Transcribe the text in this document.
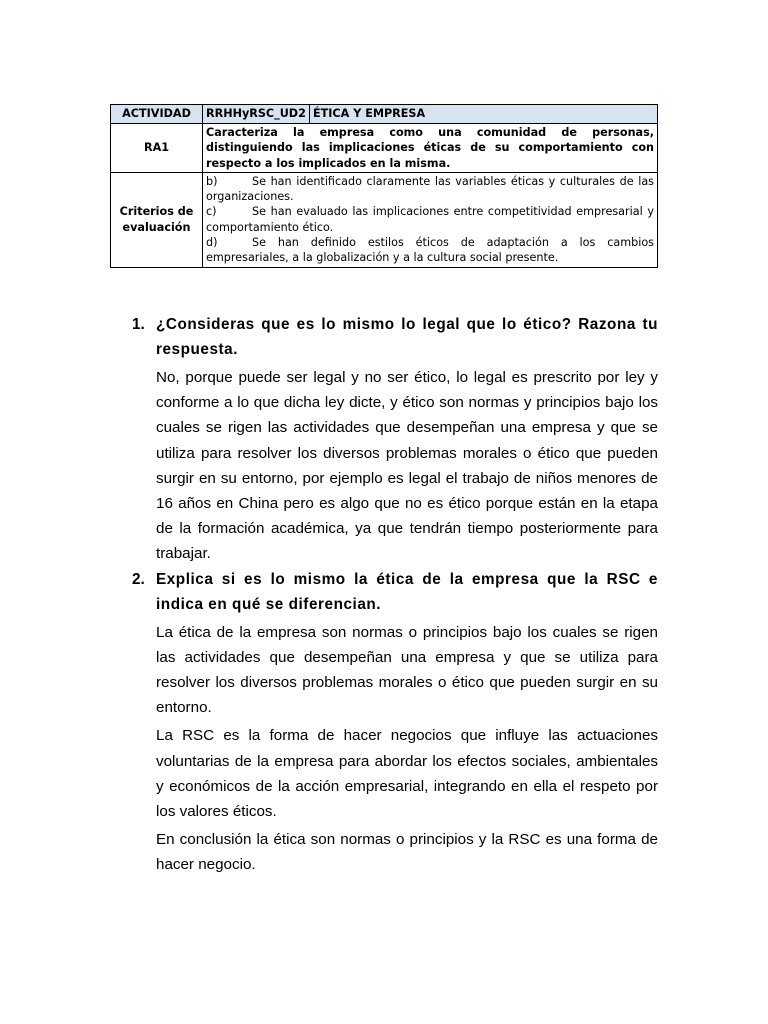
ACTIVIDAD	RRHHyRSC_UD2	ÉTICA Y EMPRESA
RA1	Caracteriza la empresa como una comunidad de personas, distinguiendo las implicaciones éticas de su comportamiento con respecto a los implicados en la misma.	
Criterios de evaluación	b) Se han identificado claramente las variables éticas y culturales de las organizaciones.
c) Se han evaluado las implicaciones entre competitividad empresarial y comportamiento ético.
d) Se han definido estilos éticos de adaptación a los cambios empresariales, a la globalización y a la cultura social presente.	
1. ¿Consideras que es lo mismo lo legal que lo ético? Razona tu respuesta.
No, porque puede ser legal y no ser ético, lo legal es prescrito por ley y conforme a lo que dicha ley dicte, y ético son normas y principios bajo los cuales se rigen las actividades que desempeñan una empresa y que se utiliza para resolver los diversos problemas morales o ético que pueden surgir en su entorno, por ejemplo es legal el trabajo de niños menores de 16 años en China pero es algo que no es ético porque están en la etapa de la formación académica, ya que tendrán tiempo posteriormente para trabajar.
2. Explica si es lo mismo la ética de la empresa que la RSC e indica en qué se diferencian.
La ética de la empresa son normas o principios bajo los cuales se rigen las actividades que desempeñan una empresa y que se utiliza para resolver los diversos problemas morales o ético que pueden surgir en su entorno.
La RSC es la forma de hacer negocios que influye las actuaciones voluntarias de la empresa para abordar los efectos sociales, ambientales y económicos de la acción empresarial, integrando en ella el respeto por los valores éticos.
En conclusión la ética son normas o principios y la RSC es una forma de hacer negocio.
